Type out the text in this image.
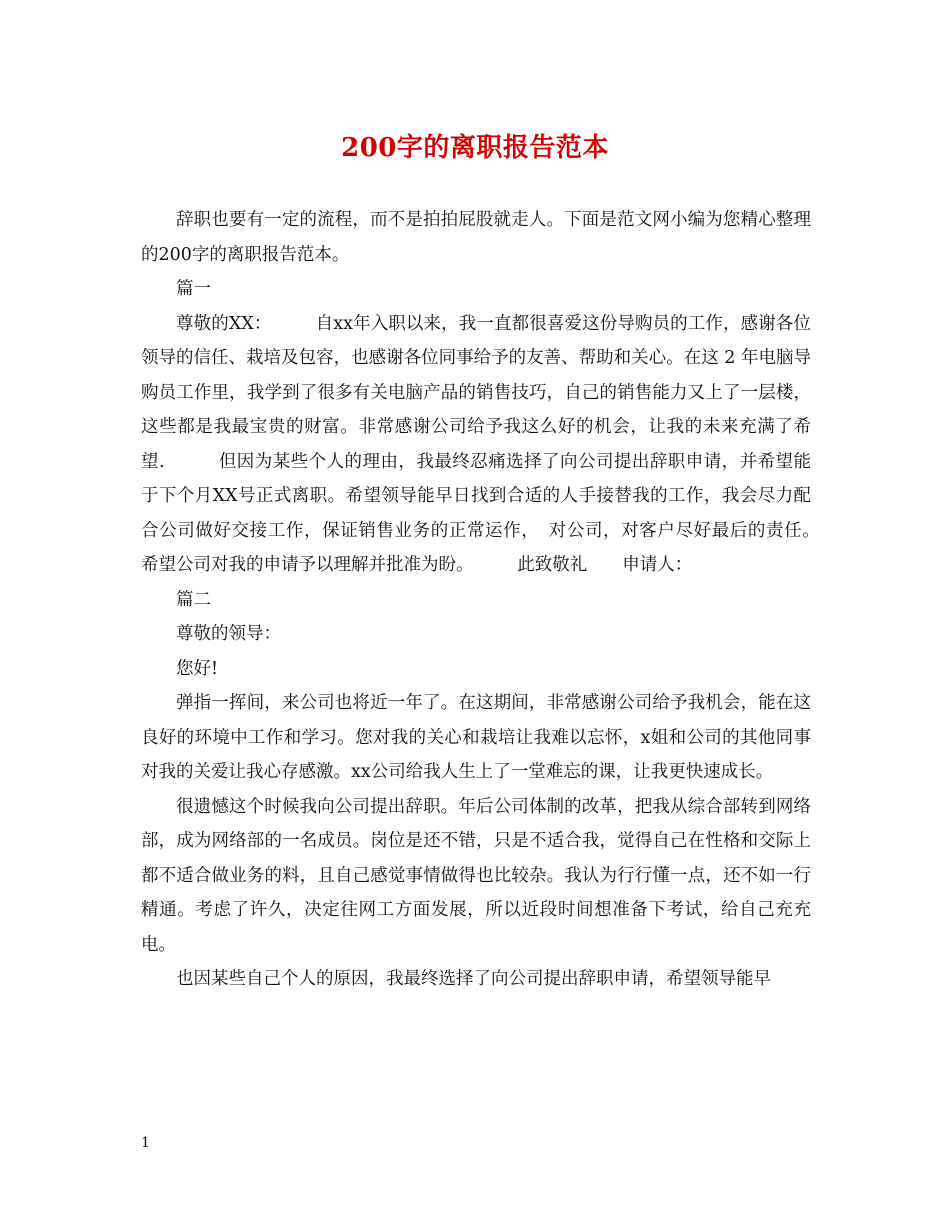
200字的离职报告范本

辞职也要有一定的流程，而不是拍拍屁股就走人。下面是范文网小编为您精心整理的200字的离职报告范本。

篇一

尊敬的XX：　　　自xx年入职以来，我一直都很喜爱这份导购员的工作，感谢各位领导的信任、栽培及包容，也感谢各位同事给予的友善、帮助和关心。在这 2 年电脑导购员工作里，我学到了很多有关电脑产品的销售技巧，自己的销售能力又上了一层楼，这些都是我最宝贵的财富。非常感谢公司给予我这么好的机会，让我的未来充满了希望.　　　但因为某些个人的理由，我最终忍痛选择了向公司提出辞职申请，并希望能于下个月XX号正式离职。希望领导能早日找到合适的人手接替我的工作，我会尽力配合公司做好交接工作，保证销售业务的正常运作，　对公司，对客户尽好最后的责任。　　　希望公司对我的申请予以理解并批准为盼。　　　此致敬礼　　申请人：

篇二

尊敬的领导：

您好!

弹指一挥间，来公司也将近一年了。在这期间，非常感谢公司给予我机会，能在这良好的环境中工作和学习。您对我的关心和栽培让我难以忘怀，x姐和公司的其他同事对我的关爱让我心存感激。xx公司给我人生上了一堂难忘的课，让我更快速成长。

很遗憾这个时候我向公司提出辞职。年后公司体制的改革，把我从综合部转到网络部，成为网络部的一名成员。岗位是还不错，只是不适合我，觉得自己在性格和交际上都不适合做业务的料，且自己感觉事情做得也比较杂。我认为行行懂一点，还不如一行精通。考虑了许久，决定往网工方面发展，所以近段时间想准备下考试，给自己充充电。

也因某些自己个人的原因，我最终选择了向公司提出辞职申请，希望领导能早

1
